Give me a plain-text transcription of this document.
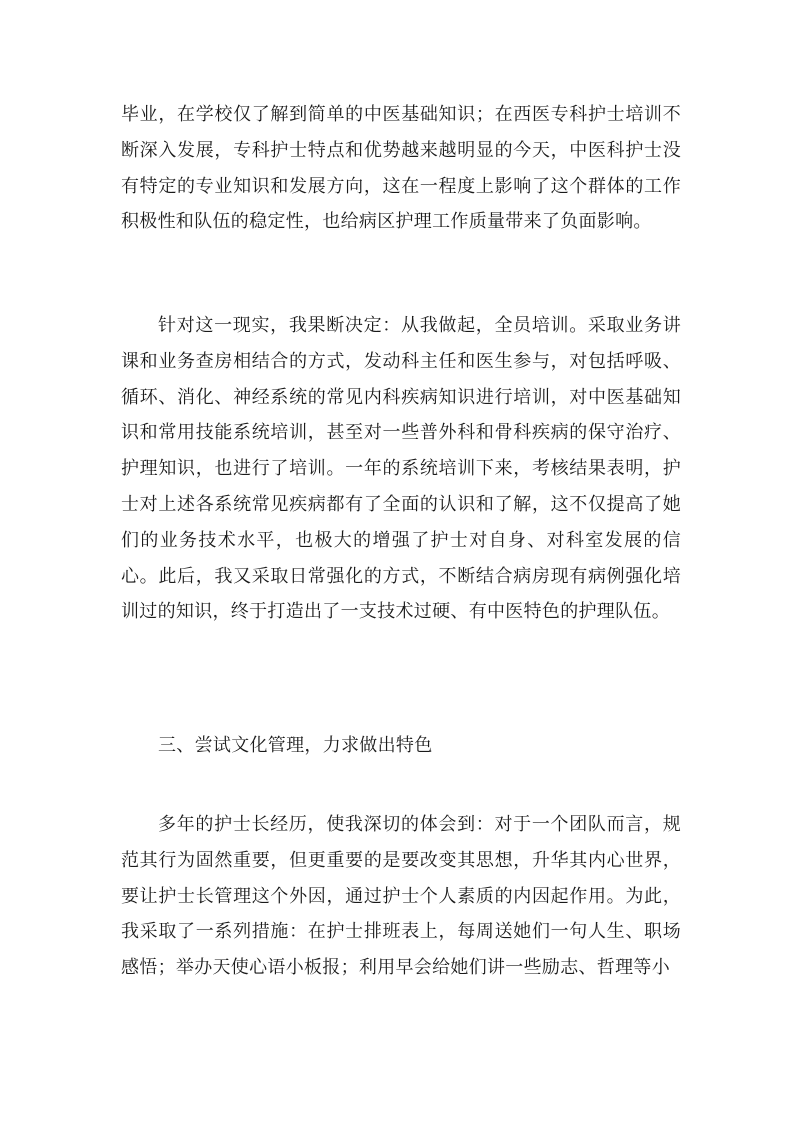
毕业，在学校仅了解到简单的中医基础知识；在西医专科护士培训不断深入发展，专科护士特点和优势越来越明显的今天，中医科护士没有特定的专业知识和发展方向，这在一程度上影响了这个群体的工作积极性和队伍的稳定性，也给病区护理工作质量带来了负面影响。

针对这一现实，我果断决定：从我做起，全员培训。采取业务讲课和业务查房相结合的方式，发动科主任和医生参与，对包括呼吸、循环、消化、神经系统的常见内科疾病知识进行培训，对中医基础知识和常用技能系统培训，甚至对一些普外科和骨科疾病的保守治疗、护理知识，也进行了培训。一年的系统培训下来，考核结果表明，护士对上述各系统常见疾病都有了全面的认识和了解，这不仅提高了她们的业务技术水平，也极大的增强了护士对自身、对科室发展的信心。此后，我又采取日常强化的方式，不断结合病房现有病例强化培训过的知识，终于打造出了一支技术过硬、有中医特色的护理队伍。

三、尝试文化管理，力求做出特色

多年的护士长经历，使我深切的体会到：对于一个团队而言，规范其行为固然重要，但更重要的是要改变其思想，升华其内心世界，要让护士长管理这个外因，通过护士个人素质的内因起作用。为此，我采取了一系列措施：在护士排班表上，每周送她们一句人生、职场感悟；举办天使心语小板报；利用早会给她们讲一些励志、哲理等小
